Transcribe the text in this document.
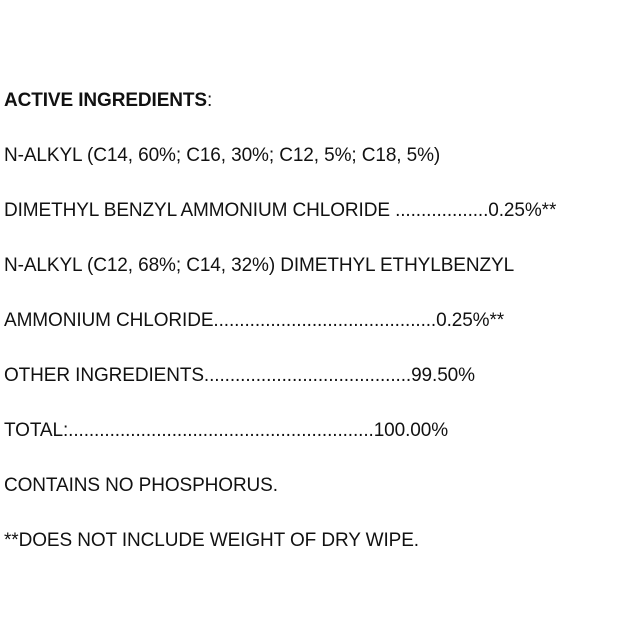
ACTIVE INGREDIENTS:
N-ALKYL (C14, 60%; C16, 30%; C12, 5%; C18, 5%)
DIMETHYL BENZYL AMMONIUM CHLORIDE ..................0.25%**
N-ALKYL (C12, 68%; C14, 32%) DIMETHYL ETHYLBENZYL
AMMONIUM CHLORIDE...........................................0.25%**
OTHER INGREDIENTS........................................99.50%
TOTAL:...........................................................100.00%
CONTAINS NO PHOSPHORUS.
**DOES NOT INCLUDE WEIGHT OF DRY WIPE.
